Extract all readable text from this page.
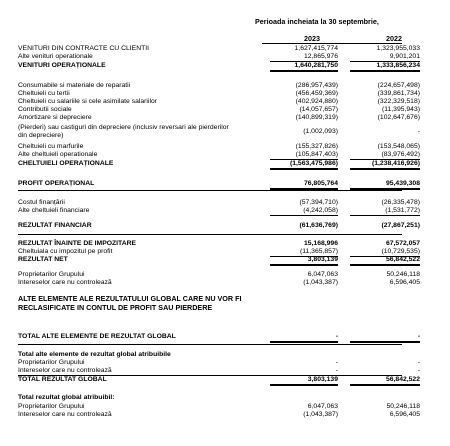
Perioada incheiata la 30 septembrie,
2023	2022
VENITURI DIN CONTRACTE CU CLIENTII	1,627,415,774	1,323,955,033
Alte venituri operationale	12,865,976	9,901,201
VENITURI OPERAȚIONALE	1,640,281,750	1,333,856,234
Consumabile si materiale de reparatii	(286,957,439)	(224,657,498)
Cheltuieli cu tertii	(456,459,369)	(339,861,734)
Cheltuieli cu salariile si cele asimilate salariilor	(402,924,880)	(322,329,518)
Contributii sociale	(14,057,657)	(11,395,943)
Amortizare si depreciere	(140,899,319)	(102,647,676)
(Pierderi) sau castiguri din depreciere (inclusiv reversari ale pierderilor din depreciere)
(1,002,093)	-
Cheltuieli cu marfurile	(155,327,826)	(153,548,065)
Alte cheltuieli operationale	(105,847,403)	(83,976,492)
CHELTUIELI OPERAȚIONALE	(1,563,475,986)	(1,238,416,926)
PROFIT OPERAȚIONAL	76,805,764	95,439,308
Costul finanțării	(57,394,710)	(26,335,478)
Alte cheltuieli financiare	(4,242,058)	(1,531,772)
REZULTAT FINANCIAR	(61,636,769)	(27,867,251)
REZULTAT ÎNAINTE DE IMPOZITARE	15,168,996	67,572,057
Cheltuiala cu impozitul pe profit	(11,365,857)	(10,729,535)
REZULTAT NET	3,803,139	56,842,522
Proprietarilor Grupului	6,047,063	50,246,118
Intereselor care nu controlează	(1,043,387)	6,596,405
ALTE ELEMENTE ALE REZULTATULUI GLOBAL CARE NU VOR FI RECLASIFICATE IN CONTUL DE PROFIT SAU PIERDERE
TOTAL ALTE ELEMENTE DE REZULTAT GLOBAL	-	-
Total alte elemente de rezultat global atribuibile
Proprietarilor Grupului	-	-
Intereselor care nu controlează	-	-
TOTAL REZULTAT GLOBAL	3,803,139	56,842,522
Total rezultat global atribuibil:
Proprietarilor Grupului	6,047,063	50,246,118
Intereselor care nu controlează	(1,043,387)	6,596,405
